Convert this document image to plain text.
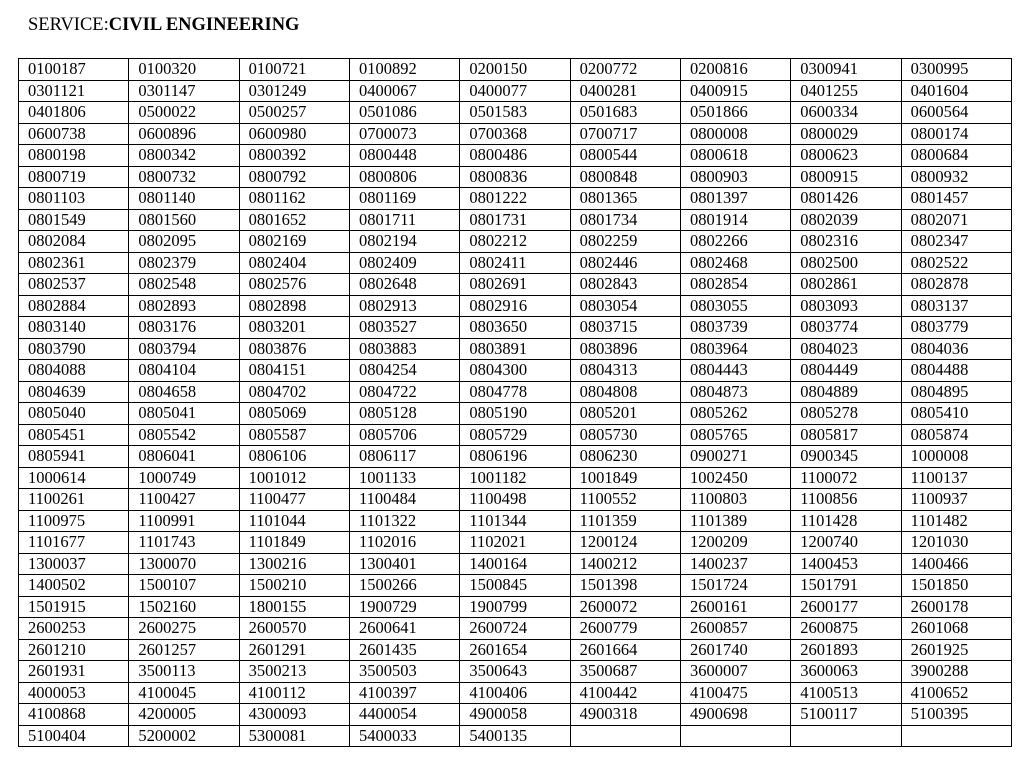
SERVICE:CIVIL ENGINEERING
0100187	0100320	0100721	0100892	0200150	0200772	0200816	0300941	0300995
0301121	0301147	0301249	0400067	0400077	0400281	0400915	0401255	0401604
0401806	0500022	0500257	0501086	0501583	0501683	0501866	0600334	0600564
0600738	0600896	0600980	0700073	0700368	0700717	0800008	0800029	0800174
0800198	0800342	0800392	0800448	0800486	0800544	0800618	0800623	0800684
0800719	0800732	0800792	0800806	0800836	0800848	0800903	0800915	0800932
0801103	0801140	0801162	0801169	0801222	0801365	0801397	0801426	0801457
0801549	0801560	0801652	0801711	0801731	0801734	0801914	0802039	0802071
0802084	0802095	0802169	0802194	0802212	0802259	0802266	0802316	0802347
0802361	0802379	0802404	0802409	0802411	0802446	0802468	0802500	0802522
0802537	0802548	0802576	0802648	0802691	0802843	0802854	0802861	0802878
0802884	0802893	0802898	0802913	0802916	0803054	0803055	0803093	0803137
0803140	0803176	0803201	0803527	0803650	0803715	0803739	0803774	0803779
0803790	0803794	0803876	0803883	0803891	0803896	0803964	0804023	0804036
0804088	0804104	0804151	0804254	0804300	0804313	0804443	0804449	0804488
0804639	0804658	0804702	0804722	0804778	0804808	0804873	0804889	0804895
0805040	0805041	0805069	0805128	0805190	0805201	0805262	0805278	0805410
0805451	0805542	0805587	0805706	0805729	0805730	0805765	0805817	0805874
0805941	0806041	0806106	0806117	0806196	0806230	0900271	0900345	1000008
1000614	1000749	1001012	1001133	1001182	1001849	1002450	1100072	1100137
1100261	1100427	1100477	1100484	1100498	1100552	1100803	1100856	1100937
1100975	1100991	1101044	1101322	1101344	1101359	1101389	1101428	1101482
1101677	1101743	1101849	1102016	1102021	1200124	1200209	1200740	1201030
1300037	1300070	1300216	1300401	1400164	1400212	1400237	1400453	1400466
1400502	1500107	1500210	1500266	1500845	1501398	1501724	1501791	1501850
1501915	1502160	1800155	1900729	1900799	2600072	2600161	2600177	2600178
2600253	2600275	2600570	2600641	2600724	2600779	2600857	2600875	2601068
2601210	2601257	2601291	2601435	2601654	2601664	2601740	2601893	2601925
2601931	3500113	3500213	3500503	3500643	3500687	3600007	3600063	3900288
4000053	4100045	4100112	4100397	4100406	4100442	4100475	4100513	4100652
4100868	4200005	4300093	4400054	4900058	4900318	4900698	5100117	5100395
5100404	5200002	5300081	5400033	5400135				
